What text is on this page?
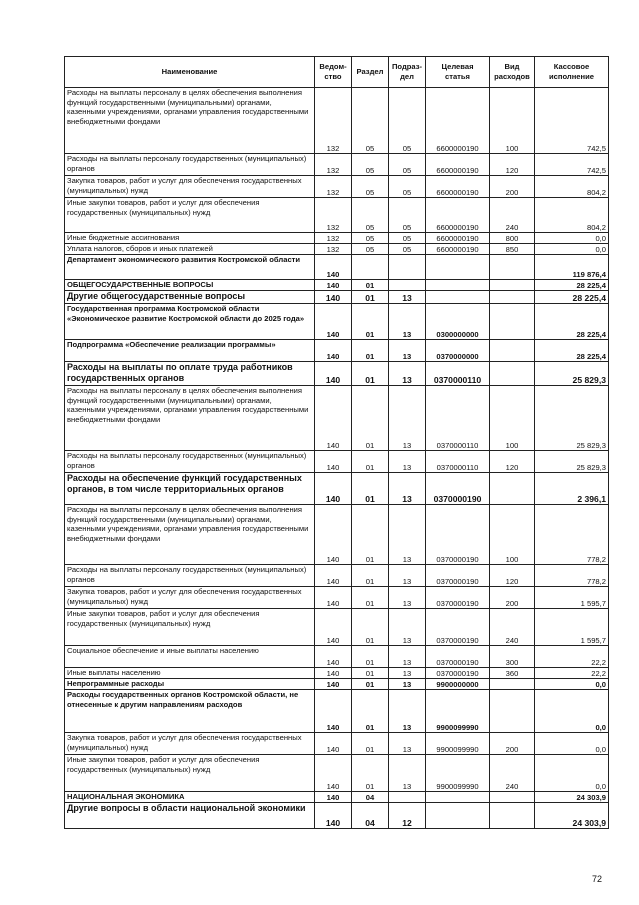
Наименование	Ведом-ство	Раздел	Подраз-дел	Целевая статья	Вид расходов	Кассовое исполнение
Расходы на выплаты персоналу в целях обеспечения выполнения функций государственными (муниципальными) органами, казенными учреждениями, органами управления государственными внебюджетными фондами	132	05	05	6600000190	100	742,5
Расходы на выплаты персоналу государственных (муниципальных) органов	132	05	05	6600000190	120	742,5
Закупка товаров, работ и услуг для обеспечения государственных (муниципальных) нужд	132	05	05	6600000190	200	804,2
Иные закупки товаров, работ и услуг для обеспечения государственных (муниципальных) нужд	132	05	05	6600000190	240	804,2
Иные бюджетные ассигнования	132	05	05	6600000190	800	0,0
Уплата налогов, сборов и иных платежей	132	05	05	6600000190	850	0,0
Департамент экономического развития Костромской области	140					119 876,4
ОБЩЕГОСУДАРСТВЕННЫЕ ВОПРОСЫ	140	01				28 225,4
Другие общегосударственные вопросы	140	01	13			28 225,4
Государственная программа Костромской области «Экономическое развитие Костромской области до 2025 года»	140	01	13	0300000000		28 225,4
Подпрограмма «Обеспечение реализации программы»	140	01	13	0370000000		28 225,4
Расходы на выплаты по оплате труда работников государственных органов	140	01	13	0370000110		25 829,3
Расходы на выплаты персоналу в целях обеспечения выполнения функций государственными (муниципальными) органами, казенными учреждениями, органами управления государственными внебюджетными фондами	140	01	13	0370000110	100	25 829,3
Расходы на выплаты персоналу государственных (муниципальных) органов	140	01	13	0370000110	120	25 829,3
Расходы на обеспечение функций государственных органов, в том числе территориальных органов	140	01	13	0370000190		2 396,1
Расходы на выплаты персоналу в целях обеспечения выполнения функций государственными (муниципальными) органами, казенными учреждениями, органами управления государственными внебюджетными фондами	140	01	13	0370000190	100	778,2
Расходы на выплаты персоналу государственных (муниципальных) органов	140	01	13	0370000190	120	778,2
Закупка товаров, работ и услуг для обеспечения государственных (муниципальных) нужд	140	01	13	0370000190	200	1 595,7
Иные закупки товаров, работ и услуг для обеспечения государственных (муниципальных) нужд	140	01	13	0370000190	240	1 595,7
Социальное обеспечение и иные выплаты населению	140	01	13	0370000190	300	22,2
Иные выплаты населению	140	01	13	0370000190	360	22,2
Непрограммные расходы	140	01	13	9900000000		0,0
Расходы государственных органов Костромской области, не отнесенные к другим направлениям расходов	140	01	13	9900099990		0,0
Закупка товаров, работ и услуг для обеспечения государственных (муниципальных) нужд	140	01	13	9900099990	200	0,0
Иные закупки товаров, работ и услуг для обеспечения государственных (муниципальных) нужд	140	01	13	9900099990	240	0,0
НАЦИОНАЛЬНАЯ ЭКОНОМИКА	140	04				24 303,9
Другие вопросы в области национальной экономики	140	04	12			24 303,9
72
